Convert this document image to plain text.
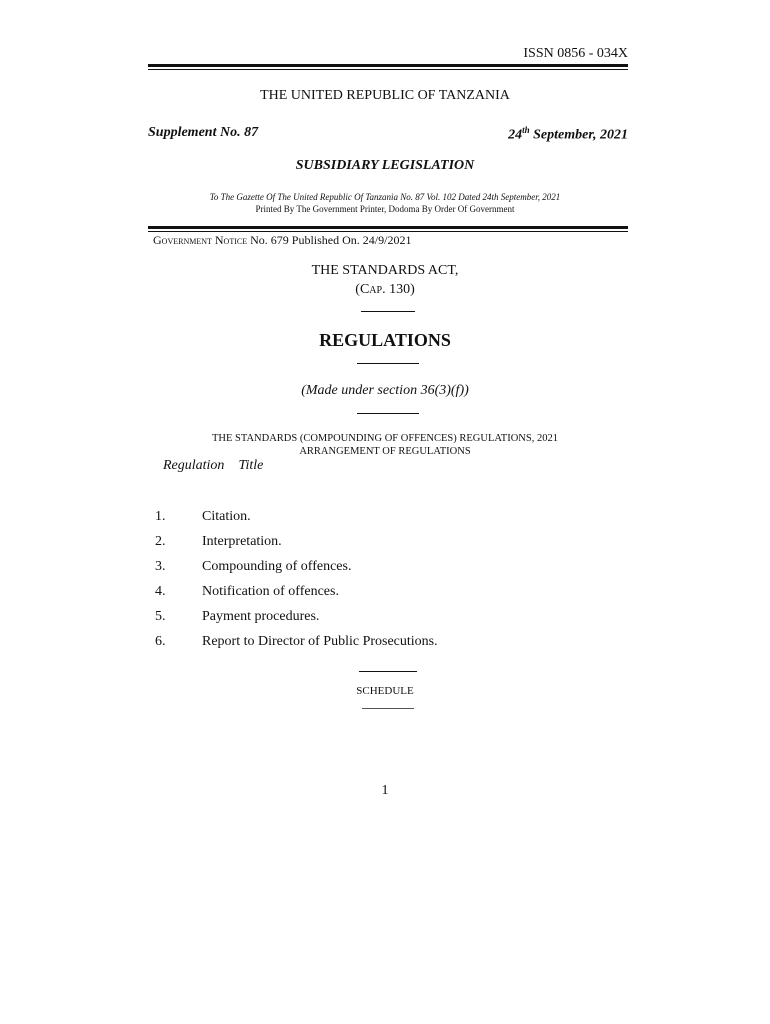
ISSN 0856 - 034X
THE UNITED REPUBLIC OF TANZANIA
Supplement No. 87	24th September, 2021
SUBSIDIARY LEGISLATION
To The Gazette Of The United Republic Of Tanzania No. 87 Vol. 102 Dated 24th September, 2021
Printed By The Government Printer, Dodoma By Order Of Government
Government Notice No. 679 Published On. 24/9/2021
THE STANDARDS ACT,
(Cap. 130)
REGULATIONS
(Made under section 36(3)(f))
THE STANDARDS (COMPOUNDING OF OFFENCES) REGULATIONS, 2021
ARRANGEMENT OF REGULATIONS
Regulation Title
1.	Citation.
2.	Interpretation.
3.	Compounding of offences.
4.	Notification of offences.
5.	Payment procedures.
6.	Report to Director of Public Prosecutions.
SCHEDULE
1
